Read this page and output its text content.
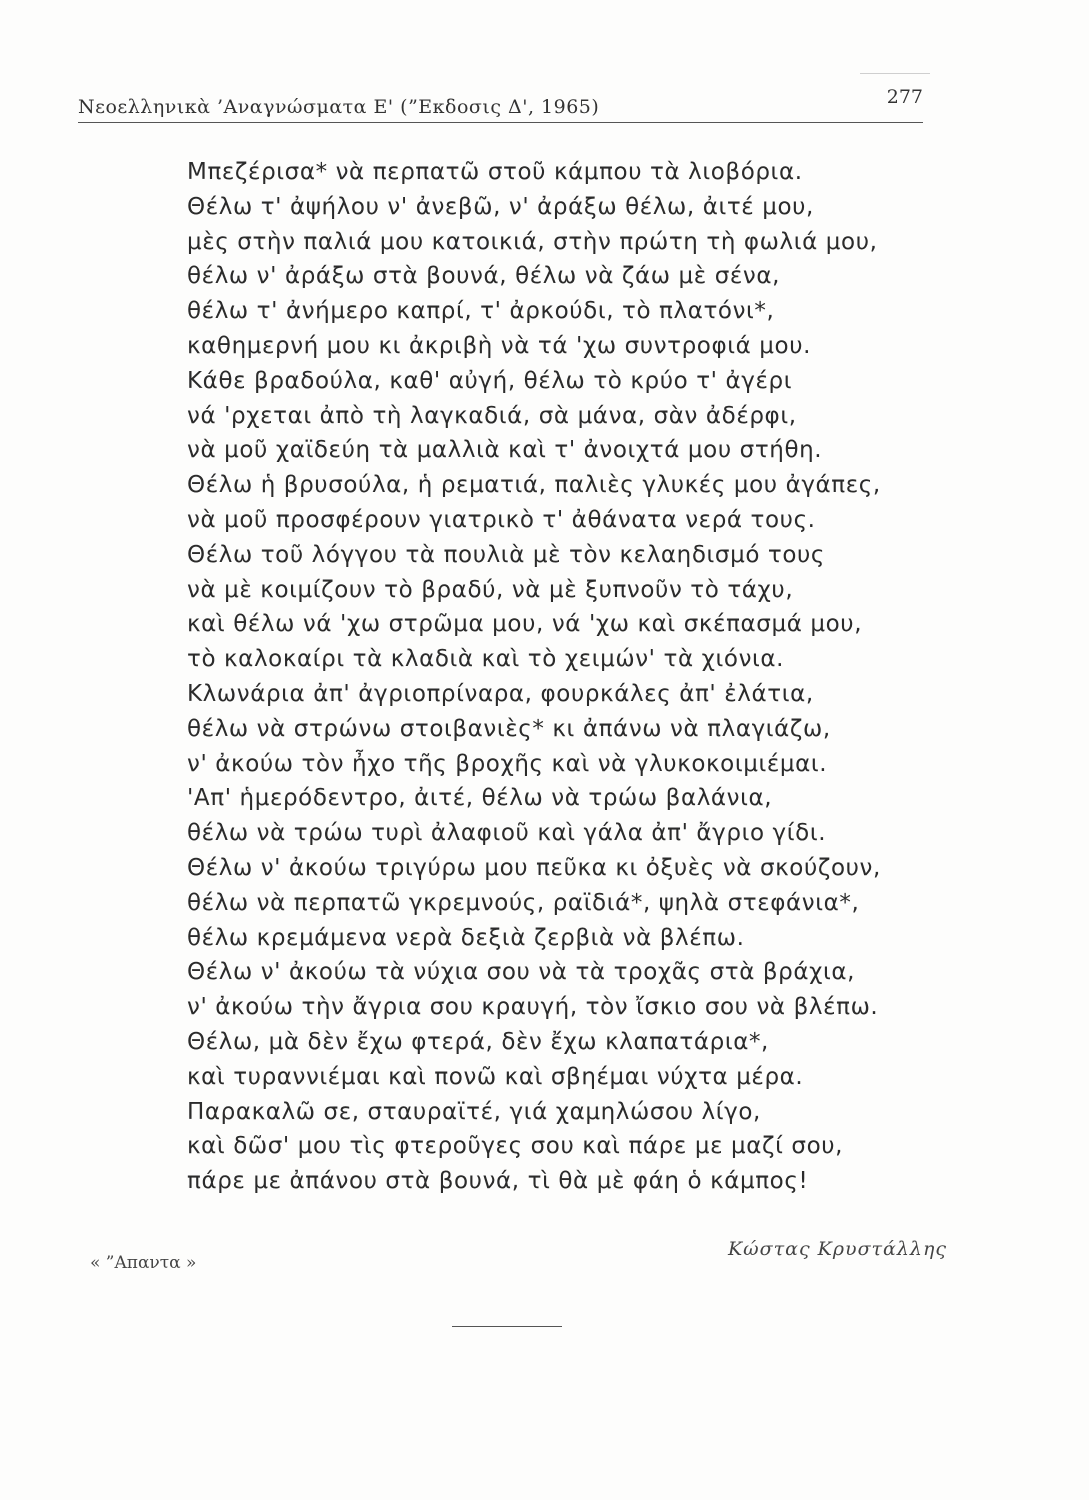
Νεοελληνικὰ ’Αναγνώσματα Ε' (”Εκδοσις Δ', 1965)	277
Μπεζέρισα* νὰ περπατῶ στοῦ κάμπου τὰ λιοβόρια.
Θέλω τ' ἀψήλου ν' ἀνεβῶ, ν' ἀράξω θέλω, ἀιτέ μου,
μὲς στὴν παλιά μου κατοικιά, στὴν πρώτη τὴ φωλιά μου,
θέλω ν' ἀράξω στὰ βουνά, θέλω νὰ ζάω μὲ σένα,
θέλω τ' ἀνήμερο καπρί, τ' ἀρκούδι, τὸ πλατόνι*,
καθημερνή μου κι ἀκριβὴ νὰ τά 'χω συντροφιά μου.
Κάθε βραδούλα, καθ' αὐγή, θέλω τὸ κρύο τ' ἀγέρι
νά 'ρχεται ἀπὸ τὴ λαγκαδιά, σὰ μάνα, σὰν ἀδέρφι,
νὰ μοῦ χαϊδεύη τὰ μαλλιὰ καὶ τ' ἀνοιχτά μου στήθη.
Θέλω ἡ βρυσούλα, ἡ ρεματιά, παλιὲς γλυκές μου ἀγάπες,
νὰ μοῦ προσφέρουν γιατρικὸ τ' ἀθάνατα νερά τους.
Θέλω τοῦ λόγγου τὰ πουλιὰ μὲ τὸν κελαηδισμό τους
νὰ μὲ κοιμίζουν τὸ βραδύ, νὰ μὲ ξυπνοῦν τὸ τάχυ,
καὶ θέλω νά 'χω στρῶμα μου, νά 'χω καὶ σκέπασμά μου,
τὸ καλοκαίρι τὰ κλαδιὰ καὶ τὸ χειμών' τὰ χιόνια.
Κλωνάρια ἀπ' ἀγριοπρίναρα, φουρκάλες ἀπ' ἐλάτια,
θέλω νὰ στρώνω στοιβανιὲς* κι ἀπάνω νὰ πλαγιάζω,
ν' ἀκούω τὸν ἦχο τῆς βροχῆς καὶ νὰ γλυκοκοιμιέμαι.
'Απ' ἡμερόδεντρο, ἀιτέ, θέλω νὰ τρώω βαλάνια,
θέλω νὰ τρώω τυρὶ ἀλαφιοῦ καὶ γάλα ἀπ' ἄγριο γίδι.
Θέλω ν' ἀκούω τριγύρω μου πεῦκα κι ὀξυὲς νὰ σκούζουν,
θέλω νὰ περπατῶ γκρεμνούς, ραϊδιά*, ψηλὰ στεφάνια*,
θέλω κρεμάμενα νερὰ δεξιὰ ζερβιὰ νὰ βλέπω.
Θέλω ν' ἀκούω τὰ νύχια σου νὰ τὰ τροχᾶς στὰ βράχια,
ν' ἀκούω τὴν ἄγρια σου κραυγή, τὸν ἴσκιο σου νὰ βλέπω.
Θέλω, μὰ δὲν ἔχω φτερά, δὲν ἔχω κλαπατάρια*,
καὶ τυραννιέμαι καὶ πονῶ καὶ σβηέμαι νύχτα μέρα.
Παρακαλῶ σε, σταυραϊτέ, γιά χαμηλώσου λίγο,
καὶ δῶσ' μου τὶς φτεροῦγες σου καὶ πάρε με μαζί σου,
πάρε με ἀπάνου στὰ βουνά, τὶ θὰ μὲ φάη ὁ κάμπος!
« ”Απαντα »
Κώστας Κρυστάλλης
